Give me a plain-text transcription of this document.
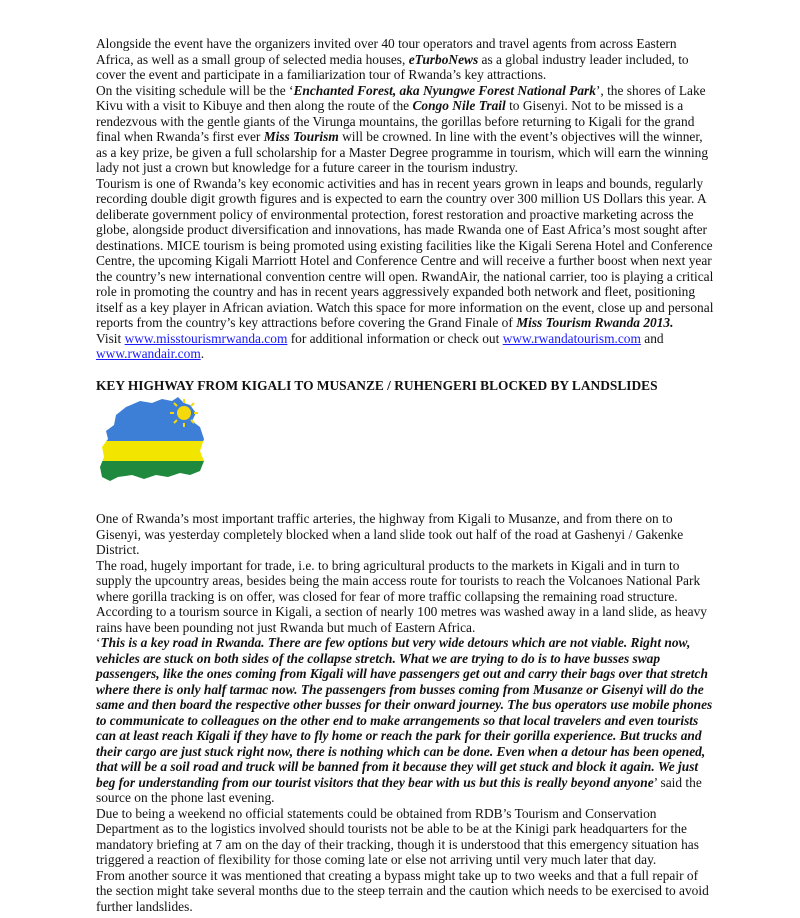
Alongside the event have the organizers invited over 40 tour operators and travel agents from across Eastern Africa, as well as a small group of selected media houses, eTurboNews as a global industry leader included, to cover the event and participate in a familiarization tour of Rwanda’s key attractions.

On the visiting schedule will be the ‘Enchanted Forest, aka Nyungwe Forest National Park’, the shores of Lake Kivu with a visit to Kibuye and then along the route of the Congo Nile Trail to Gisenyi. Not to be missed is a rendezvous with the gentle giants of the Virunga mountains, the gorillas before returning to Kigali for the grand final when Rwanda’s first ever Miss Tourism will be crowned. In line with the event’s objectives will the winner, as a key prize, be given a full scholarship for a Master Degree programme in tourism, which will earn the winning lady not just a crown but knowledge for a future career in the tourism industry.

Tourism is one of Rwanda’s key economic activities and has in recent years grown in leaps and bounds, regularly recording double digit growth figures and is expected to earn the country over 300 million US Dollars this year. A deliberate government policy of environmental protection, forest restoration and proactive marketing across the globe, alongside product diversification and innovations, has made Rwanda one of East Africa’s most sought after destinations. MICE tourism is being promoted using existing facilities like the Kigali Serena Hotel and Conference Centre, the upcoming Kigali Marriott Hotel and Conference Centre and will receive a further boost when next year the country’s new international convention centre will open. RwandAir, the national carrier, too is playing a critical role in promoting the country and has in recent years aggressively expanded both network and fleet, positioning itself as a key player in African aviation. Watch this space for more information on the event, close up and personal reports from the country’s key attractions before covering the Grand Finale of Miss Tourism Rwanda 2013.

Visit www.misstourismrwanda.com for additional information or check out www.rwandatourism.com and www.rwandair.com.

KEY HIGHWAY FROM KIGALI TO MUSANZE / RUHENGERI BLOCKED BY LANDSLIDES

One of Rwanda’s most important traffic arteries, the highway from Kigali to Musanze, and from there on to Gisenyi, was yesterday completely blocked when a land slide took out half of the road at Gashenyi / Gakenke District.

The road, hugely important for trade, i.e. to bring agricultural products to the markets in Kigali and in turn to supply the upcountry areas, besides being the main access route for tourists to reach the Volcanoes National Park where gorilla tracking is on offer, was closed for fear of more traffic collapsing the remaining road structure.

According to a tourism source in Kigali, a section of nearly 100 metres was washed away in a land slide, as heavy rains have been pounding not just Rwanda but much of Eastern Africa.

‘This is a key road in Rwanda. There are few options but very wide detours which are not viable. Right now, vehicles are stuck on both sides of the collapse stretch. What we are trying to do is to have busses swap passengers, like the ones coming from Kigali will have passengers get out and carry their bags over that stretch where there is only half tarmac now. The passengers from busses coming from Musanze or Gisenyi will do the same and then board the respective other busses for their onward journey. The bus operators use mobile phones to communicate to colleagues on the other end to make arrangements so that local travelers and even tourists can at least reach Kigali if they have to fly home or reach the park for their gorilla experience. But trucks and their cargo are just stuck right now, there is nothing which can be done. Even when a detour has been opened, that will be a soil road and truck will be banned from it because they will get stuck and block it again. We just beg for understanding from our tourist visitors that they bear with us but this is really beyond anyone’ said the source on the phone last evening.

Due to being a weekend no official statements could be obtained from RDB’s Tourism and Conservation Department as to the logistics involved should tourists not be able to be at the Kinigi park headquarters for the mandatory briefing at 7 am on the day of their tracking, though it is understood that this emergency situation has triggered a reaction of flexibility for those coming late or else not arriving until very much later that day.

From another source it was mentioned that creating a bypass might take up to two weeks and that a full repair of the section might take several months due to the steep terrain and the caution which needs to be exercised to avoid further landslides.
